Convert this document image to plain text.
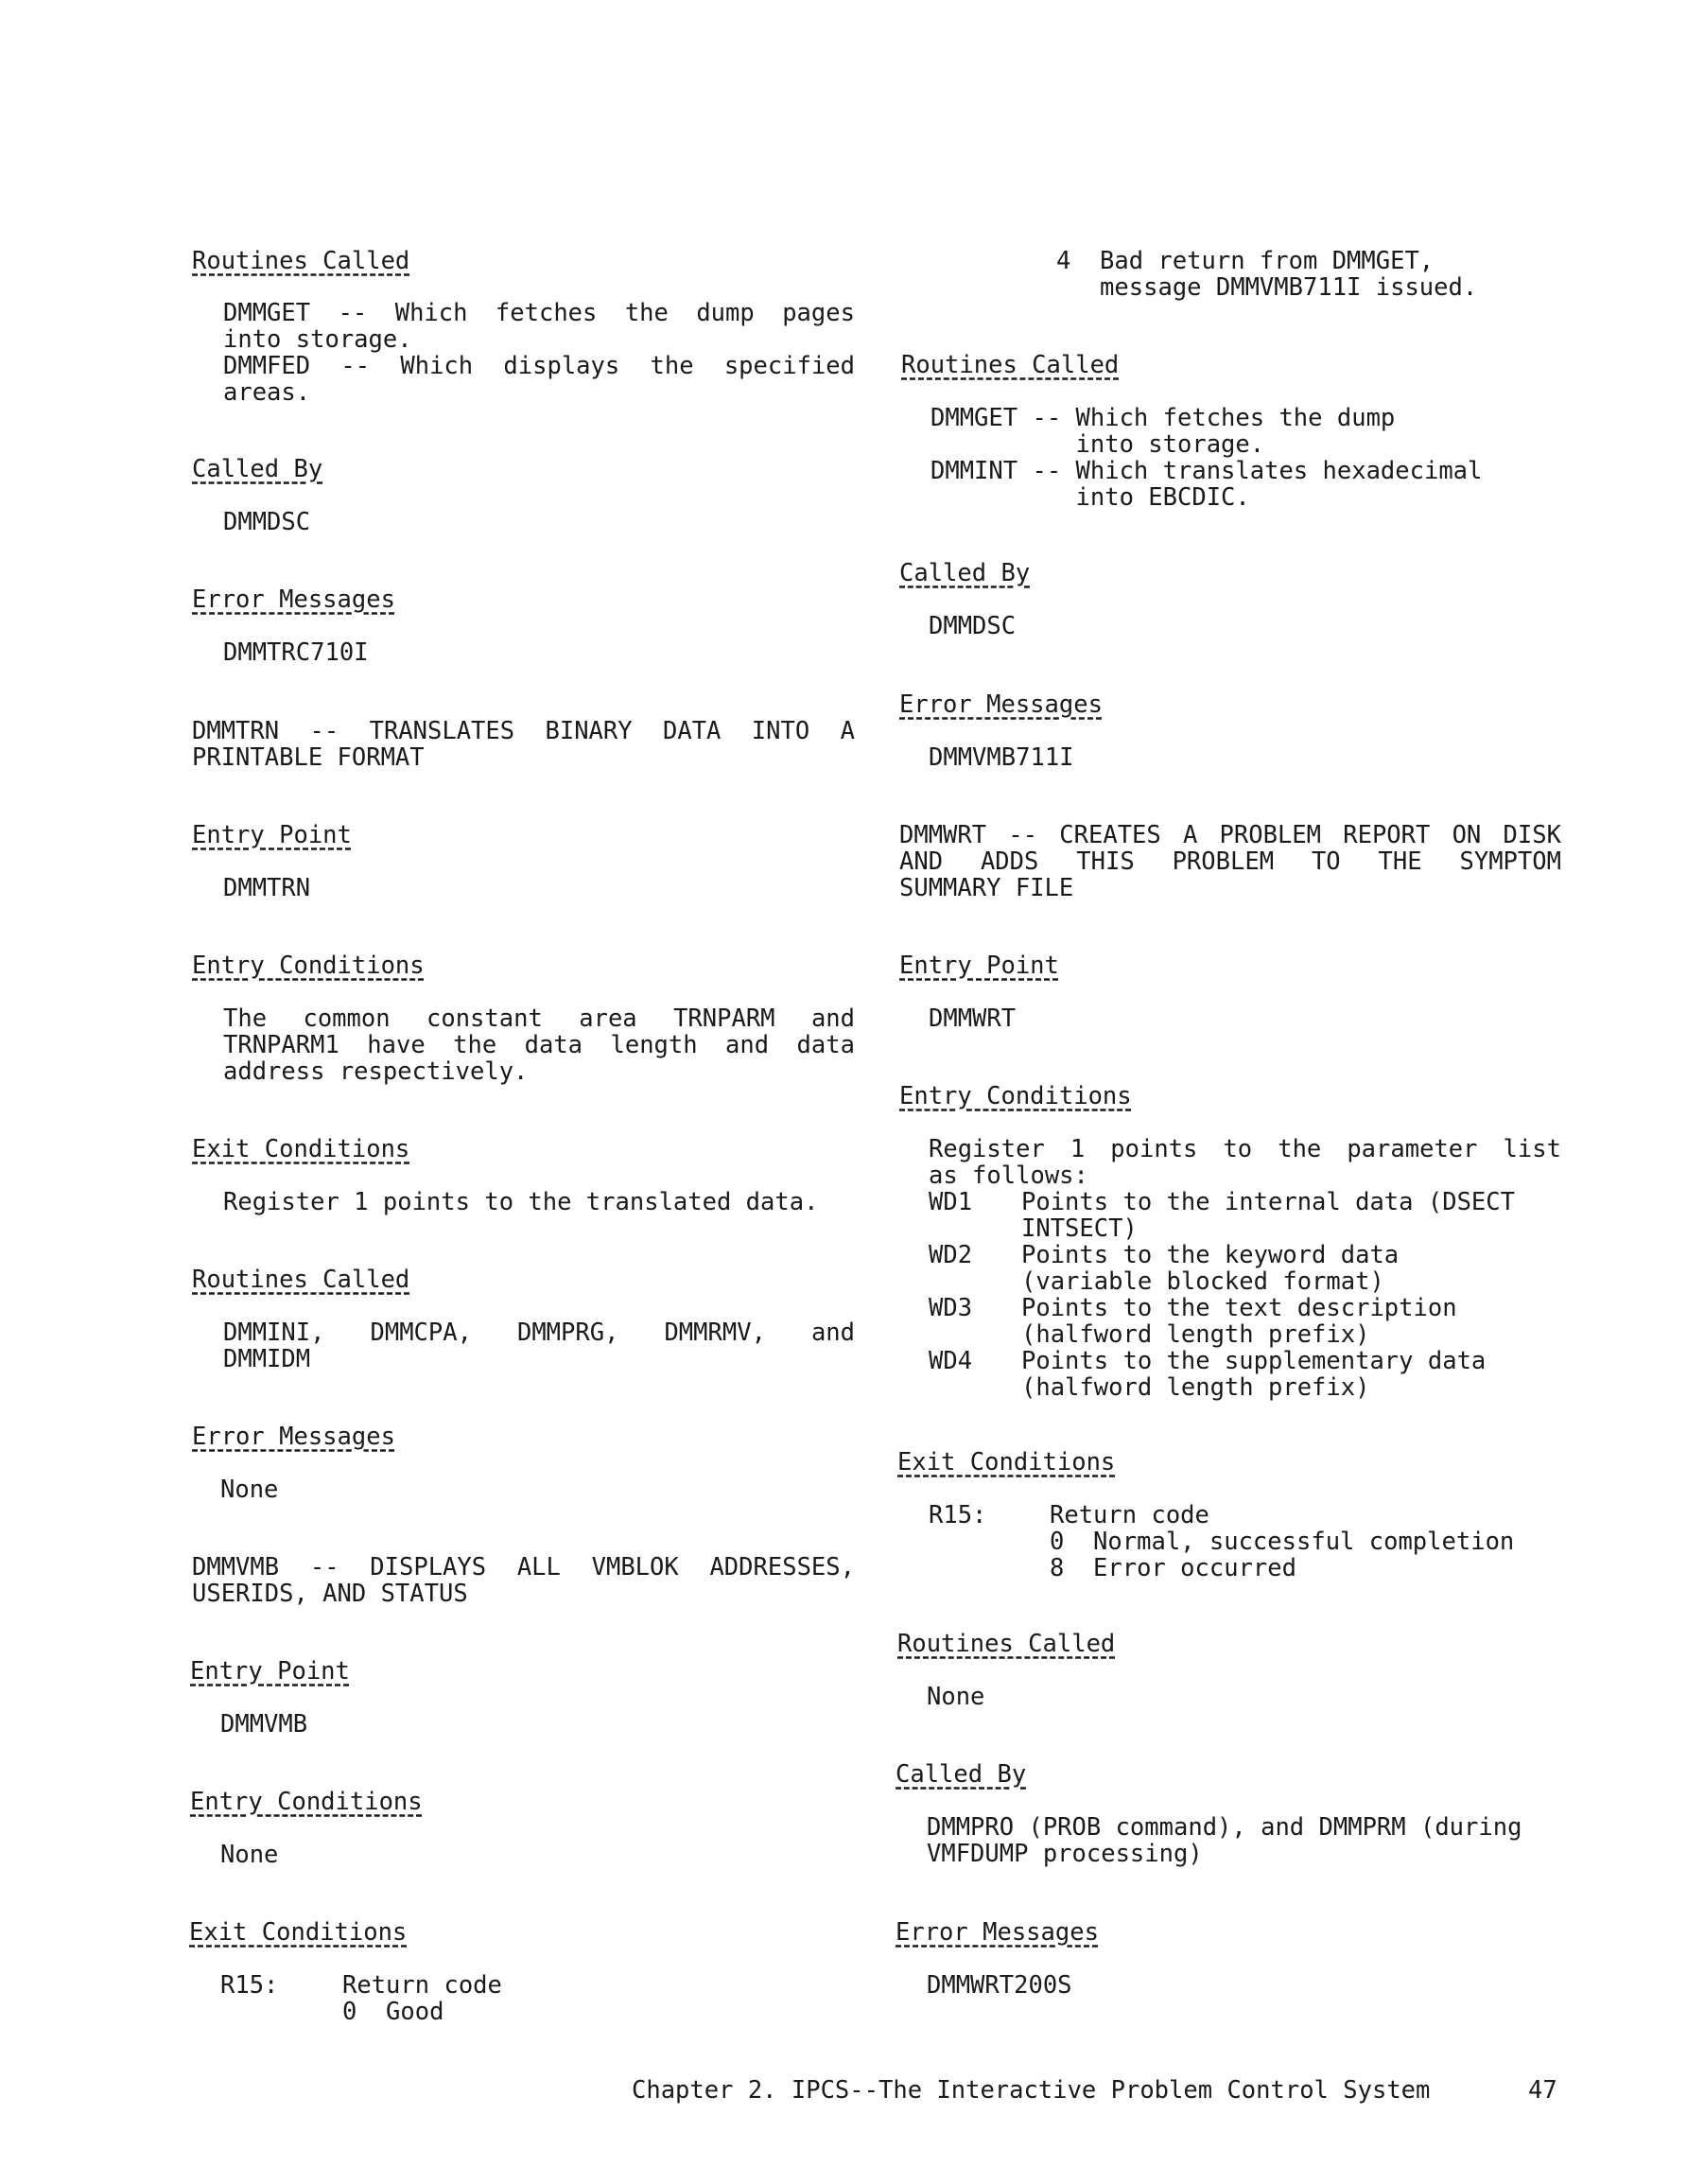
Routines Called
DMMGET -- Which fetches the dump pages
into storage.
DMMFED -- Which displays the specified
areas.
Called By
DMMDSC
Error Messages
DMMTRC710I
DMMTRN -- TRANSLATES BINARY DATA INTO A
PRINTABLE FORMAT
Entry Point
DMMTRN
Entry Conditions
The common constant area TRNPARM and
TRNPARM1 have the data length and data
address respectively.
Exit Conditions
Register 1 points to the translated data.
Routines Called
DMMINI, DMMCPA, DMMPRG, DMMRMV, and
DMMIDM
Error Messages
None
DMMVMB -- DISPLAYS ALL VMBLOK ADDRESSES,
USERIDS, AND STATUS
Entry Point
DMMVMB
Entry Conditions
None
Exit Conditions
R15:	Return code
0  Good
4  Bad return from DMMGET,
message DMMVMB711I issued.
Routines Called
DMMGET -- Which fetches the dump
into storage.
DMMINT -- Which translates hexadecimal
into EBCDIC.
Called By
DMMDSC
Error Messages
DMMVMB711I
DMMWRT -- CREATES A PROBLEM REPORT ON DISK
AND ADDS THIS PROBLEM TO THE SYMPTOM
SUMMARY FILE
Entry Point
DMMWRT
Entry Conditions
Register 1 points to the parameter list
as follows:
WD1 Points to the internal data (DSECT
INTSECT)
WD2 Points to the keyword data
(variable blocked format)
WD3 Points to the text description
(halfword length prefix)
WD4 Points to the supplementary data
(halfword length prefix)
Exit Conditions
R15:	Return code
0  Normal, successful completion
8  Error occurred
Routines Called
None
Called By
DMMPRO (PROB command), and DMMPRM (during
VMFDUMP processing)
Error Messages
DMMWRT200S
Chapter 2. IPCS--The Interactive Problem Control System	47
